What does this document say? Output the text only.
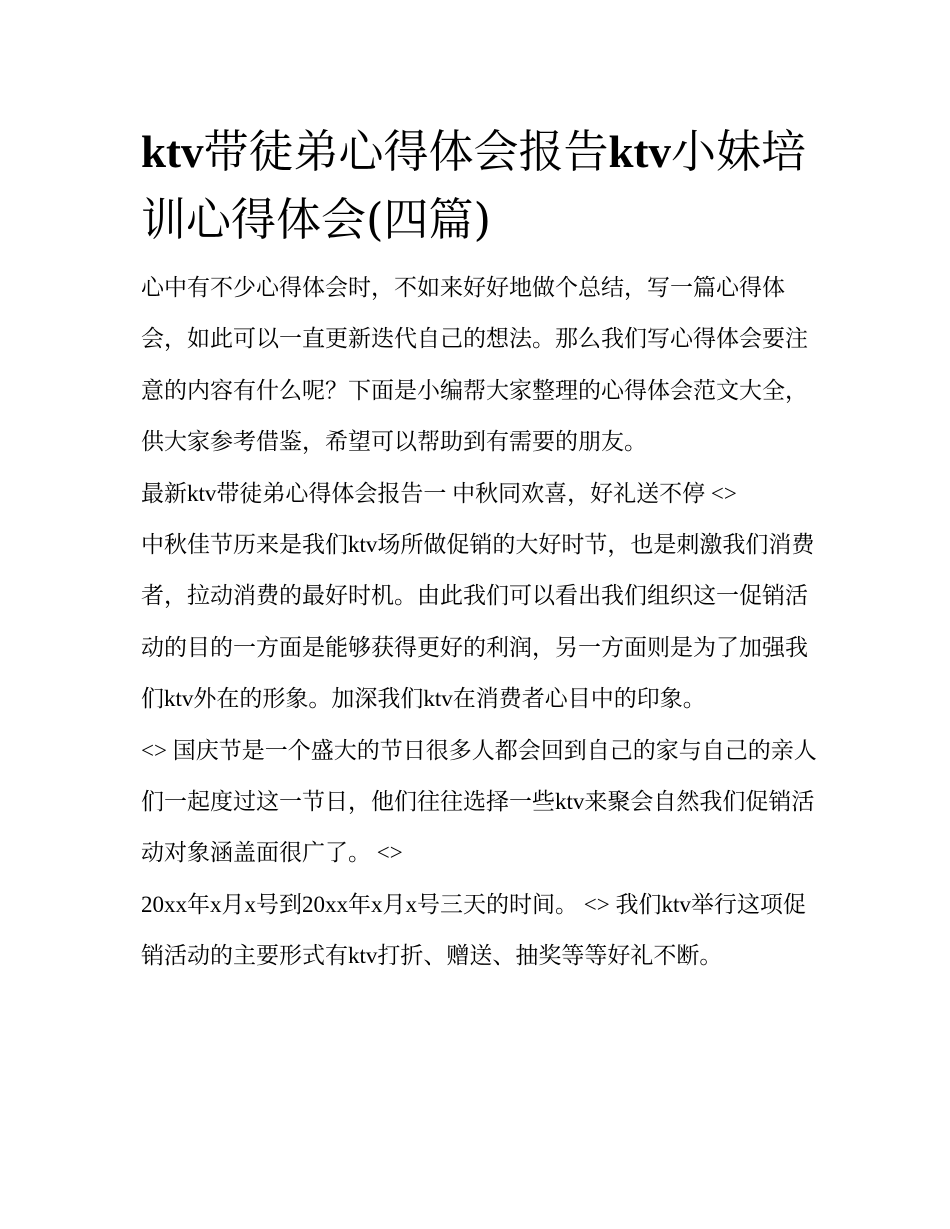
ktv带徒弟心得体会报告ktv小妹培训心得体会(四篇)

心中有不少心得体会时，不如来好好地做个总结，写一篇心得体会，如此可以一直更新迭代自己的想法。那么我们写心得体会要注意的内容有什么呢？下面是小编帮大家整理的心得体会范文大全，供大家参考借鉴，希望可以帮助到有需要的朋友。

最新ktv带徒弟心得体会报告一 中秋同欢喜，好礼送不停 <>

中秋佳节历来是我们ktv场所做促销的大好时节，也是刺激我们消费者，拉动消费的最好时机。由此我们可以看出我们组织这一促销活动的目的一方面是能够获得更好的利润，另一方面则是为了加强我们ktv外在的形象。加深我们ktv在消费者心目中的印象。

<> 国庆节是一个盛大的节日很多人都会回到自己的家与自己的亲人们一起度过这一节日，他们往往选择一些ktv来聚会自然我们促销活动对象涵盖面很广了。 <>

20xx年x月x号到20xx年x月x号三天的时间。 <> 我们ktv举行这项促销活动的主要形式有ktv打折、赠送、抽奖等等好礼不断。
